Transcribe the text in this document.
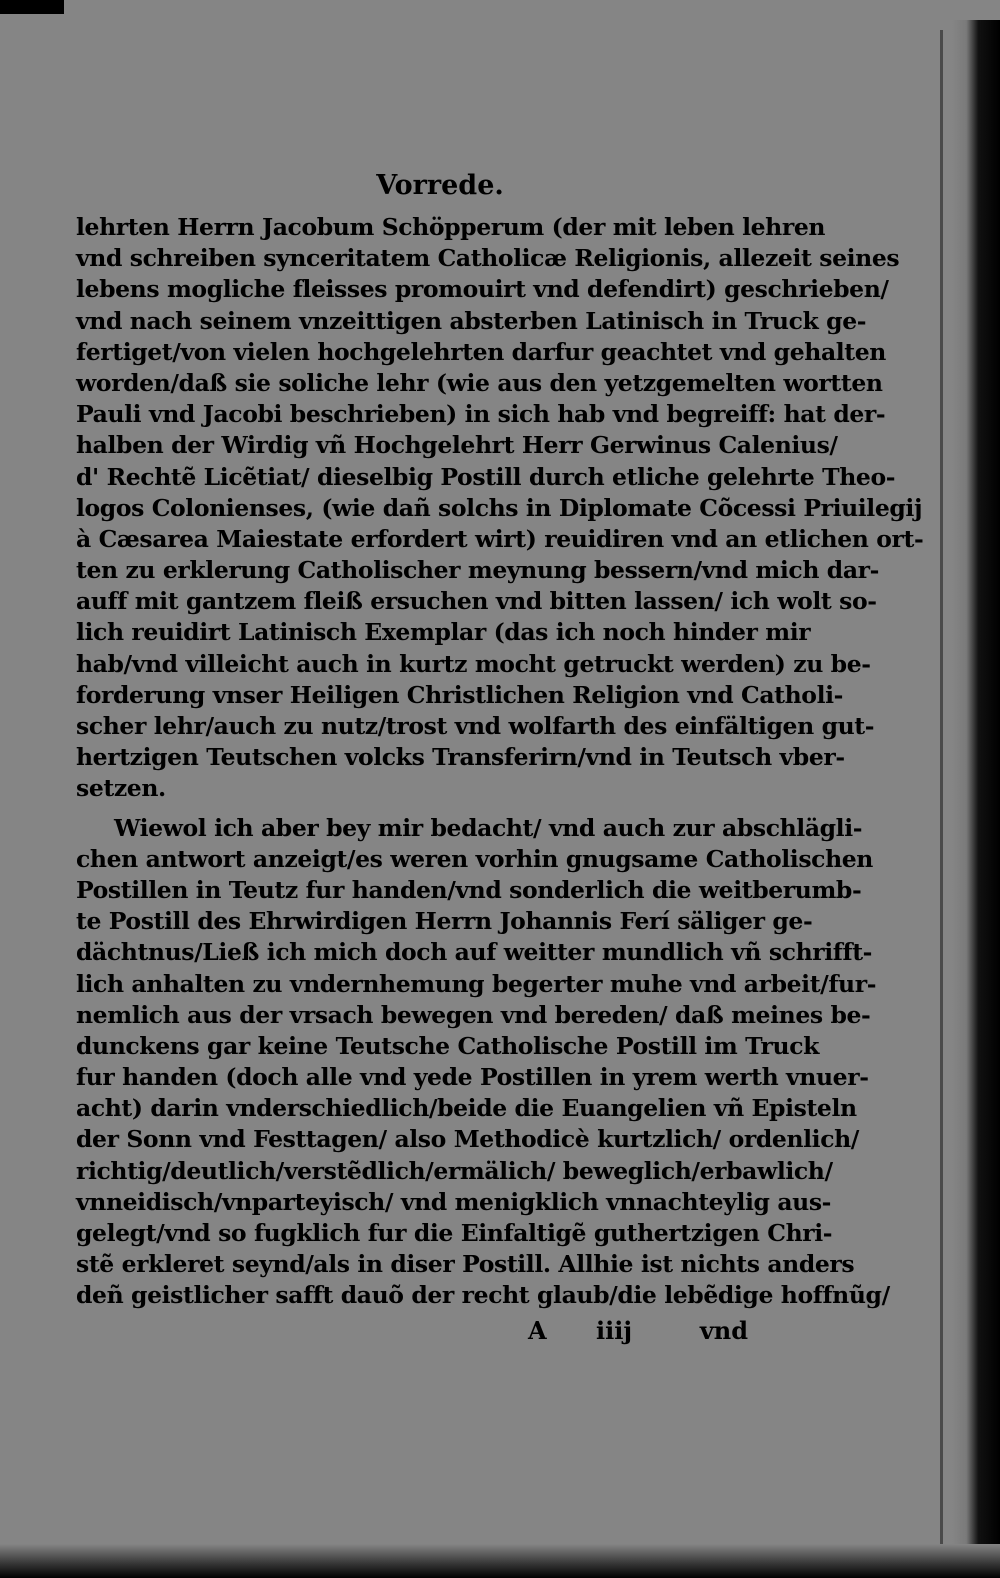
Vorrede.
lehrten Herrn Jacobum Schöpperum (der mit leben lehren
vnd schreiben synceritatem Catholicæ Religionis, allezeit seines
lebens mogliche fleisses promouirt vnd defendirt) geschrieben/
vnd nach seinem vnzeittigen absterben Latinisch in Truck ge-
fertiget/von vielen hochgelehrten darfur geachtet vnd gehalten
worden/daß sie soliche lehr (wie aus den yetzgemelten wortten
Pauli vnd Jacobi beschrieben) in sich hab vnd begreiff: hat der-
halben der Wirdig vñ Hochgelehrt Herr Gerwinus Calenius/
d' Rechtẽ Licẽtiat/ dieselbig Postill durch etliche gelehrte Theo-
logos Colonienses, (wie dañ solchs in Diplomate Cõcessi Priuilegij
à Cæsarea Maiestate erfordert wirt) reuidiren vnd an etlichen ort-
ten zu erklerung Catholischer meynung bessern/vnd mich dar-
auff mit gantzem fleiß ersuchen vnd bitten lassen/ ich wolt so-
lich reuidirt Latinisch Exemplar (das ich noch hinder mir
hab/vnd villeicht auch in kurtz mocht getruckt werden) zu be-
forderung vnser Heiligen Christlichen Religion vnd Catholi-
scher lehr/auch zu nutz/trost vnd wolfarth des einfältigen gut-
hertzigen Teutschen volcks Transferirn/vnd in Teutsch vber-
setzen.
Wiewol ich aber bey mir bedacht/ vnd auch zur abschlägli-
chen antwort anzeigt/es weren vorhin gnugsame Catholischen
Postillen in Teutz fur handen/vnd sonderlich die weitberumb-
te Postill des Ehrwirdigen Herrn Johannis Ferí säliger ge-
dächtnus/Ließ ich mich doch auf weitter mundlich vñ schrifft-
lich anhalten zu vndernhemung begerter muhe vnd arbeit/fur-
nemlich aus der vrsach bewegen vnd bereden/ daß meines be-
dunckens gar keine Teutsche Catholische Postill im Truck
fur handen (doch alle vnd yede Postillen in yrem werth vnuer-
acht) darin vnderschiedlich/beide die Euangelien vñ Episteln
der Sonn vnd Festtagen/ also Methodicè kurtzlich/ ordenlich/
richtig/deutlich/verstẽdlich/ermälich/ beweglich/erbawlich/
vnneidisch/vnparteyisch/ vnd menigklich vnnachteylig aus-
gelegt/vnd so fugklich fur die Einfaltigẽ guthertzigen Chri-
stẽ erkleret seynd/als in diser Postill. Allhie ist nichts anders
deñ geistlicher safft dauõ der recht glaub/die lebẽdige hoffnũg/
A iiij	vnd
